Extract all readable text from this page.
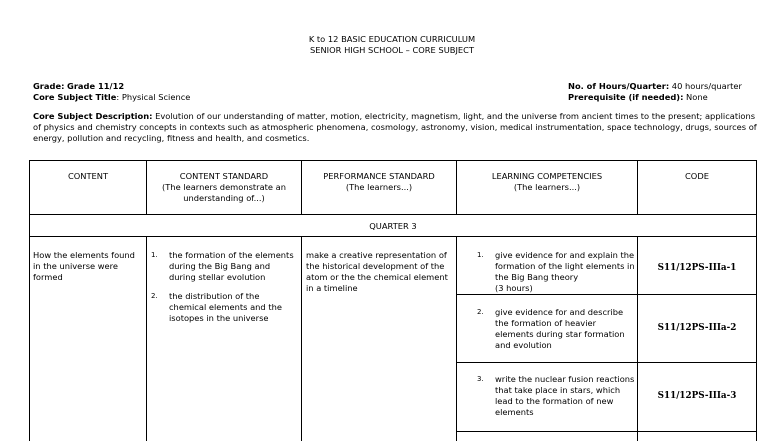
K to 12 BASIC EDUCATION CURRICULUM
SENIOR HIGH SCHOOL – CORE SUBJECT
Grade: Grade 11/12
Core Subject Title: Physical Science
No. of Hours/Quarter: 40 hours/quarter
Prerequisite (if needed): None
Core Subject Description: Evolution of our understanding of matter, motion, electricity, magnetism, light, and the universe from ancient times to the present; applications of physics and chemistry concepts in contexts such as atmospheric phenomena, cosmology, astronomy, vision, medical instrumentation, space technology, drugs, sources of energy, pollution and recycling, fitness and health, and cosmetics.
CONTENT	CONTENT STANDARD
(The learners demonstrate an understanding of...)
PERFORMANCE STANDARD
(The learners...)
LEARNING COMPETENCIES
(The learners...)
CODE
QUARTER 3
How the elements found in the universe were formed
1. the formation of the elements during the Big Bang and during stellar evolution
2. the distribution of the chemical elements and the isotopes in the universe
make a creative representation of the historical development of the atom or the the chemical element in a timeline
1. give evidence for and explain the formation of the light elements in the Big Bang theory
(3 hours)
2. give evidence for and describe the formation of heavier elements during star formation and evolution
3. write the nuclear fusion reactions that take place in stars, which lead to the formation of new elements
S11/12PS-IIIa-1
S11/12PS-IIIa-2
S11/12PS-IIIa-3
